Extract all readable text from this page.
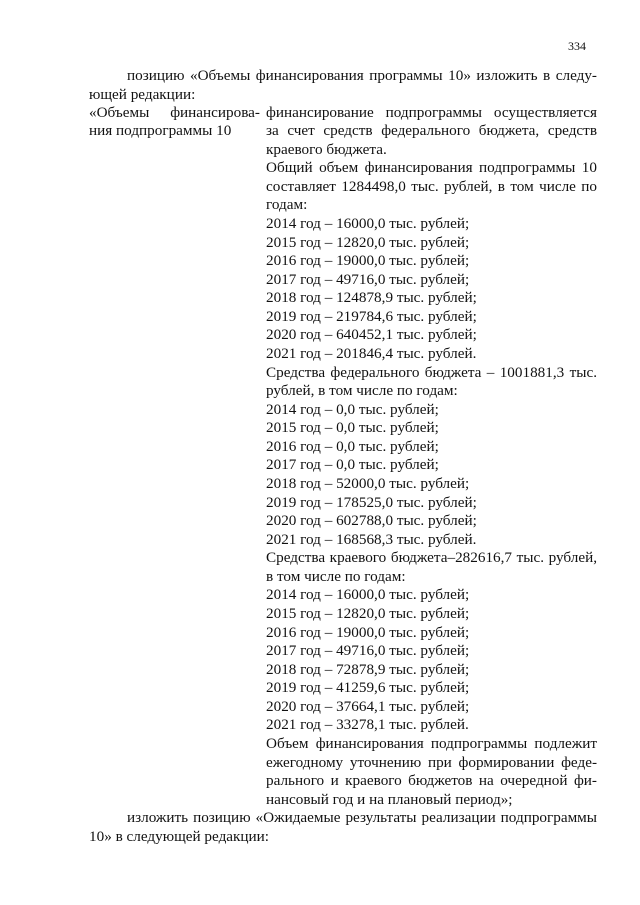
334
позицию «Объемы финансирования программы 10» изложить в следу-
ющей редакции:
«Объемы финансирова-
ния подпрограммы 10
финансирование подпрограммы осуществляется
за счет средств федерального бюджета, средств
краевого бюджета.
Общий объем финансирования подпрограммы 10
составляет 1284498,0 тыс. рублей, в том числе по
годам:
2014 год – 16000,0 тыс. рублей;
2015 год – 12820,0 тыс. рублей;
2016 год – 19000,0 тыс. рублей;
2017 год – 49716,0 тыс. рублей;
2018 год – 124878,9 тыс. рублей;
2019 год – 219784,6 тыс. рублей;
2020 год – 640452,1 тыс. рублей;
2021 год – 201846,4 тыс. рублей.
Средства федерального бюджета – 1001881,3 тыс.
рублей, в том числе по годам:
2014 год – 0,0 тыс. рублей;
2015 год – 0,0 тыс. рублей;
2016 год – 0,0 тыс. рублей;
2017 год – 0,0 тыс. рублей;
2018 год – 52000,0 тыс. рублей;
2019 год – 178525,0 тыс. рублей;
2020 год – 602788,0 тыс. рублей;
2021 год – 168568,3 тыс. рублей.
Средства краевого бюджета–282616,7 тыс. рублей,
в том числе по годам:
2014 год – 16000,0 тыс. рублей;
2015 год – 12820,0 тыс. рублей;
2016 год – 19000,0 тыс. рублей;
2017 год – 49716,0 тыс. рублей;
2018 год – 72878,9 тыс. рублей;
2019 год – 41259,6 тыс. рублей;
2020 год – 37664,1 тыс. рублей;
2021 год – 33278,1 тыс. рублей.
Объем финансирования подпрограммы подлежит
ежегодному уточнению при формировании феде-
рального и краевого бюджетов на очередной фи-
нансовый год и на плановый период»;
изложить позицию «Ожидаемые результаты реализации подпрограммы
10» в следующей редакции:
